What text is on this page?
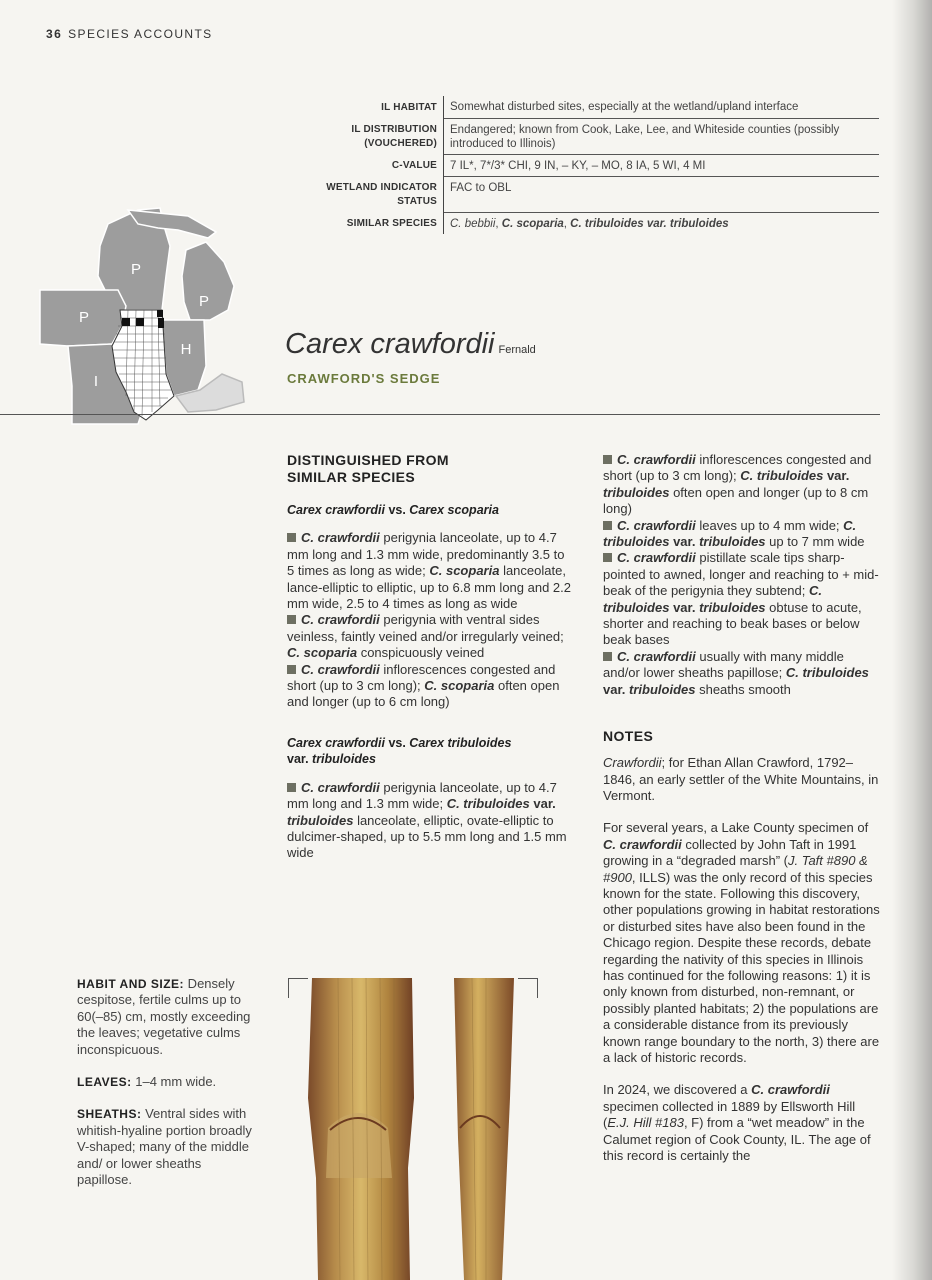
36 SPECIES ACCOUNTS
IL HABITAT	Somewhat disturbed sites, especially at the wetland/upland interface
IL DISTRIBUTION (VOUCHERED)	Endangered; known from Cook, Lake, Lee, and Whiteside counties (possibly introduced to Illinois)
C-VALUE	7 IL*, 7*/3* CHI, 9 IN, – KY, – MO, 8 IA, 5 WI, 4 MI
WETLAND INDICATOR STATUS	FAC to OBL
SIMILAR SPECIES	C. bebbii, C. scoparia, C. tribuloides var. tribuloides
P
P
P
H
I
Carex crawfordii Fernald
CRAWFORD'S SEDGE
DISTINGUISHED FROM
SIMILAR SPECIES

Carex crawfordii vs. Carex scoparia

C. crawfordii perigynia lanceolate, up to 4.7 mm long and 1.3 mm wide, predominantly 3.5 to 5 times as long as wide; C. scoparia lanceolate, lance-elliptic to elliptic, up to 6.8 mm long and 2.2 mm wide, 2.5 to 4 times as long as wide

C. crawfordii perigynia with ventral sides veinless, faintly veined and/or irregularly veined; C. scoparia conspicuously veined

C. crawfordii inflorescences congested and short (up to 3 cm long); C. scoparia often open and longer (up to 6 cm long)

Carex crawfordii vs. Carex tribuloides
var. tribuloides

C. crawfordii perigynia lanceolate, up to 4.7 mm long and 1.3 mm wide; C. tribuloides var. tribuloides lanceolate, elliptic, ovate-elliptic to dulcimer-shaped, up to 5.5 mm long and 1.5 mm wide

C. crawfordii inflorescences congested and short (up to 3 cm long); C. tribuloides var. tribuloides often open and longer (up to 8 cm long)

C. crawfordii leaves up to 4 mm wide; C. tribuloides var. tribuloides up to 7 mm wide

C. crawfordii pistillate scale tips sharp-pointed to awned, longer and reaching to + mid-beak of the perigynia they subtend; C. tribuloides var. tribuloides obtuse to acute, shorter and reaching to beak bases or below beak bases

C. crawfordii usually with many middle and/or lower sheaths papillose; C. tribuloides var. tribuloides sheaths smooth

NOTES

Crawfordii; for Ethan Allan Crawford, 1792–1846, an early settler of the White Mountains, in Vermont.

For several years, a Lake County specimen of C. crawfordii collected by John Taft in 1991 growing in a “degraded marsh” (J. Taft #890 & #900, ILLS) was the only record of this species known for the state. Following this discovery, other populations growing in habitat restorations or disturbed sites have also been found in the Chicago region. Despite these records, debate regarding the nativity of this species in Illinois has continued for the following reasons: 1) it is only known from disturbed, non-remnant, or possibly planted habitats; 2) the populations are a considerable distance from its previously known range boundary to the north, 3) there are a lack of historic records.

In 2024, we discovered a C. crawfordii specimen collected in 1889 by Ellsworth Hill (E.J. Hill #183, F) from a “wet meadow” in the Calumet region of Cook County, IL. The age of this record is certainly the

HABIT AND SIZE: Densely cespitose, fertile culms up to 60(–85) cm, mostly exceeding the leaves; vegetative culms inconspicuous.

LEAVES: 1–4 mm wide.

SHEATHS: Ventral sides with whitish-hyaline portion broadly V-shaped; many of the middle and/ or lower sheaths papillose.
